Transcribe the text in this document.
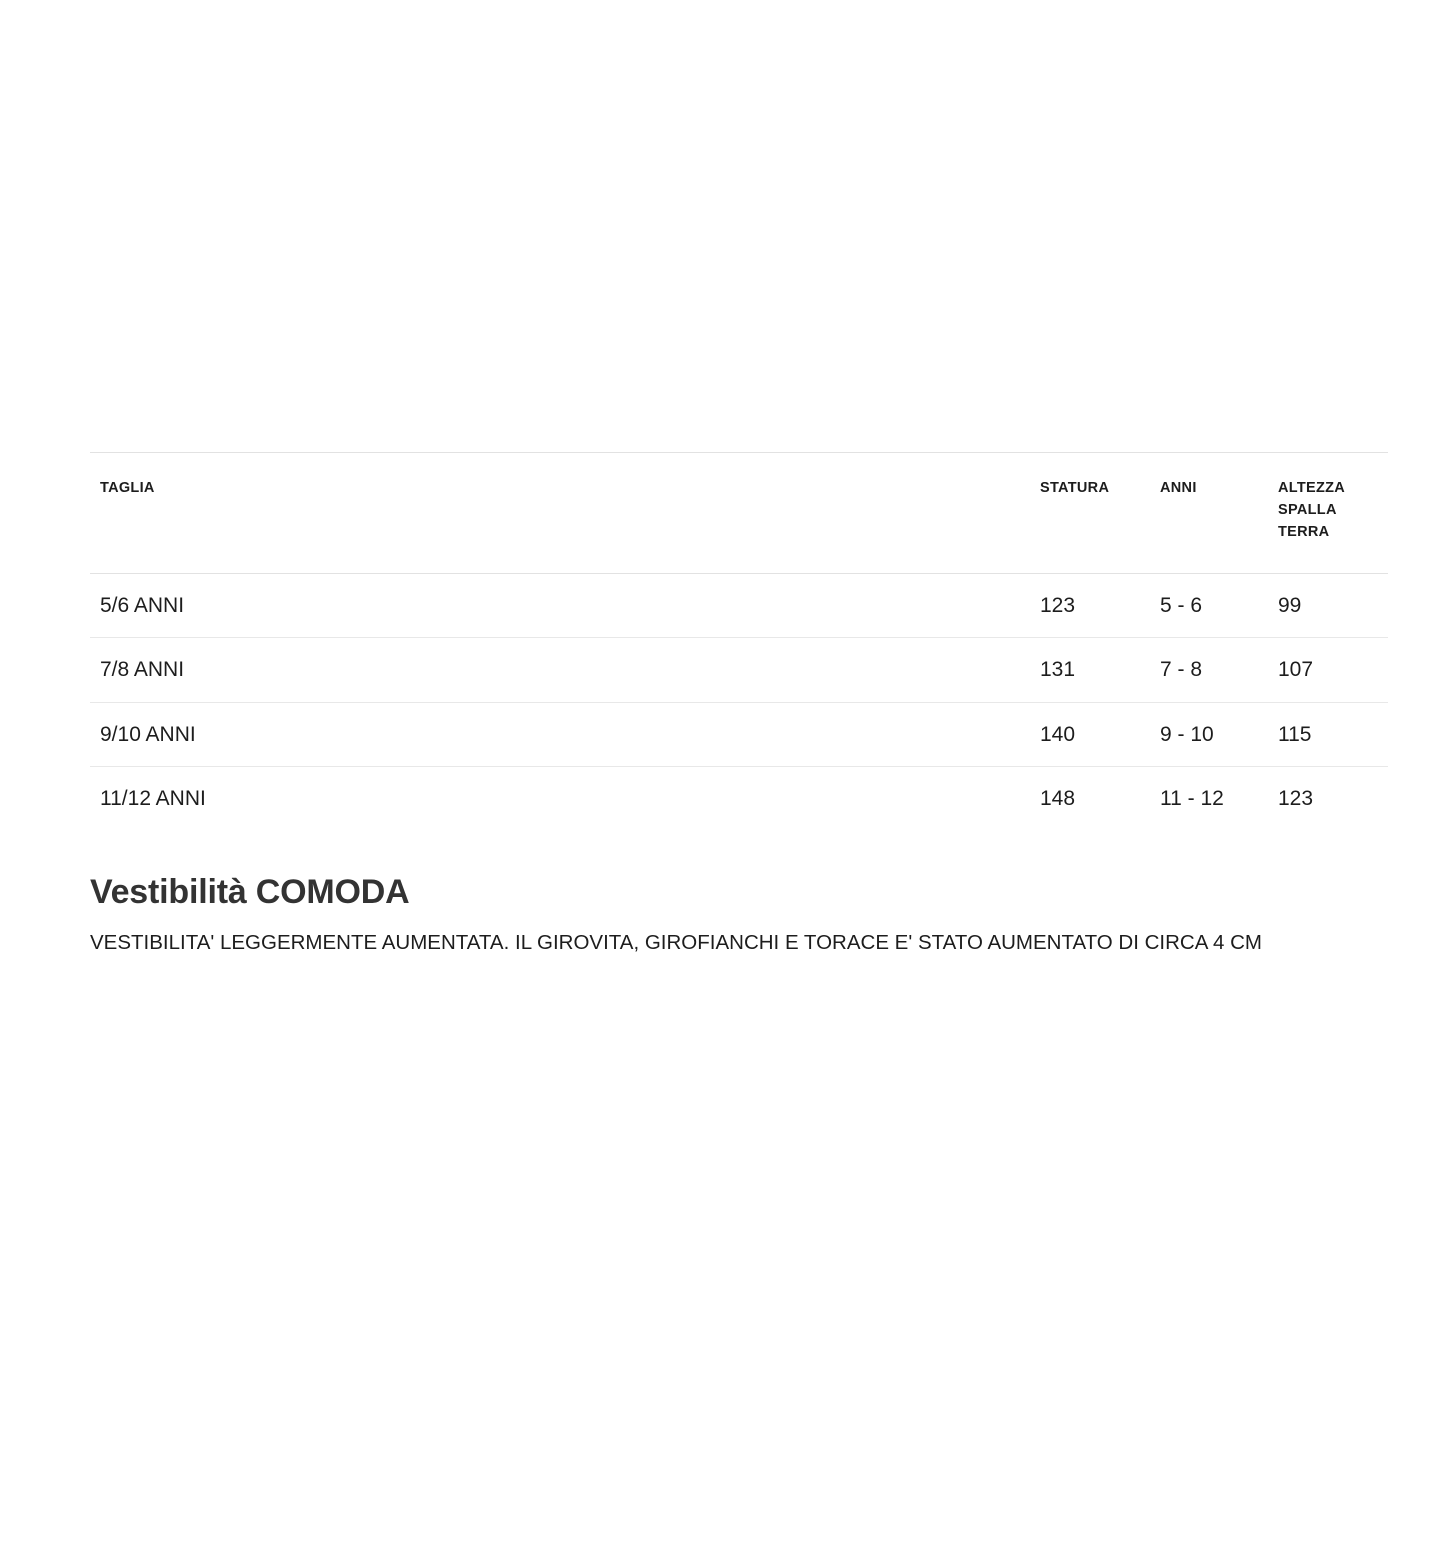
TAGLIA	STATURA	ANNI	ALTEZZA SPALLA TERRA
5/6 ANNI	123	5 - 6	99
7/8 ANNI	131	7 - 8	107
9/10 ANNI	140	9 - 10	115
11/12 ANNI	148	11 - 12	123
Vestibilità COMODA

VESTIBILITA' LEGGERMENTE AUMENTATA. IL GIROVITA, GIROFIANCHI E TORACE E' STATO AUMENTATO DI CIRCA 4 CM
